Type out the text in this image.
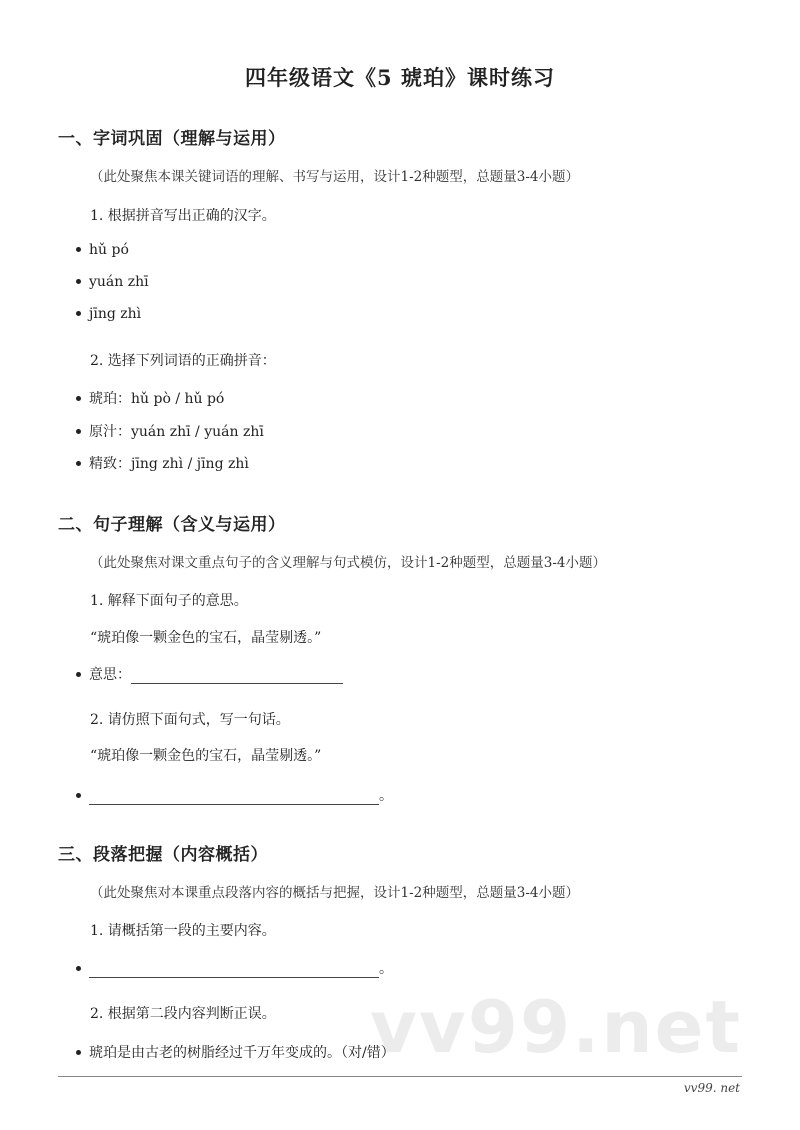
四年级语文《5 琥珀》课时练习
一、字词巩固（理解与运用）
（此处聚焦本课关键词语的理解、书写与运用，设计1-2种题型，总题量3-4小题）
1. 根据拼音写出正确的汉字。
hǔ pó
yuán zhī
jīng zhì
2. 选择下列词语的正确拼音：
琥珀：hǔ pò / hǔ pó
原汁：yuán zhī / yuán zhī
精致：jīng zhì / jīng zhì
二、句子理解（含义与运用）
（此处聚焦对课文重点句子的含义理解与句式模仿，设计1-2种题型，总题量3-4小题）
1. 解释下面句子的意思。
“琥珀像一颗金色的宝石，晶莹剔透。”
意思：
2. 请仿照下面句式，写一句话。
“琥珀像一颗金色的宝石，晶莹剔透。”
。
三、段落把握（内容概括）
（此处聚焦对本课重点段落内容的概括与把握，设计1-2种题型，总题量3-4小题）
1. 请概括第一段的主要内容。
。
vv99.net
2. 根据第二段内容判断正误。
琥珀是由古老的树脂经过千万年变成的。（对/错）
vv99. net
